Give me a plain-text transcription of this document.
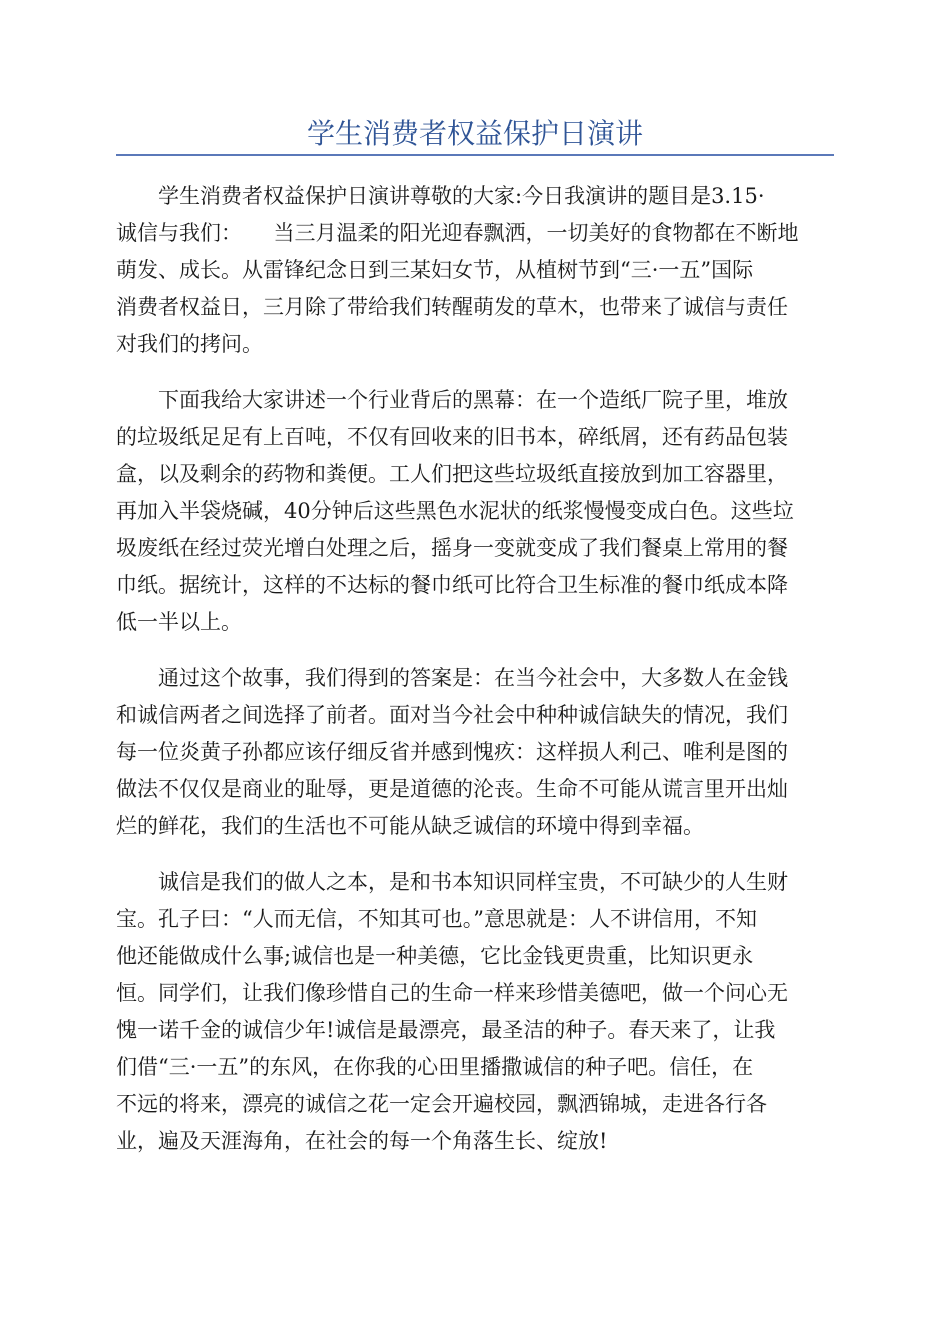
学生消费者权益保护日演讲

　　学生消费者权益保护日演讲尊敬的大家:今日我演讲的题目是3.15·
诚信与我们：　　当三月温柔的阳光迎春飘洒，一切美好的食物都在不断地
萌发、成长。从雷锋纪念日到三某妇女节，从植树节到“三·一五”国际
消费者权益日，三月除了带给我们转醒萌发的草木，也带来了诚信与责任
对我们的拷问。

　　下面我给大家讲述一个行业背后的黑幕：在一个造纸厂院子里，堆放
的垃圾纸足足有上百吨，不仅有回收来的旧书本，碎纸屑，还有药品包装
盒，以及剩余的药物和粪便。工人们把这些垃圾纸直接放到加工容器里，
再加入半袋烧碱，40分钟后这些黑色水泥状的纸浆慢慢变成白色。这些垃
圾废纸在经过荧光增白处理之后，摇身一变就变成了我们餐桌上常用的餐
巾纸。据统计，这样的不达标的餐巾纸可比符合卫生标准的餐巾纸成本降
低一半以上。

　　通过这个故事，我们得到的答案是：在当今社会中，大多数人在金钱
和诚信两者之间选择了前者。面对当今社会中种种诚信缺失的情况，我们
每一位炎黄子孙都应该仔细反省并感到愧疚：这样损人利己、唯利是图的
做法不仅仅是商业的耻辱，更是道德的沦丧。生命不可能从谎言里开出灿
烂的鲜花，我们的生活也不可能从缺乏诚信的环境中得到幸福。

　　诚信是我们的做人之本，是和书本知识同样宝贵，不可缺少的人生财
宝。孔子曰：“人而无信，不知其可也。”意思就是：人不讲信用，不知
他还能做成什么事;诚信也是一种美德，它比金钱更贵重，比知识更永
恒。同学们，让我们像珍惜自己的生命一样来珍惜美德吧，做一个问心无
愧一诺千金的诚信少年!诚信是最漂亮，最圣洁的种子。春天来了，让我
们借“三·一五”的东风，在你我的心田里播撒诚信的种子吧。信任，在
不远的将来，漂亮的诚信之花一定会开遍校园，飘洒锦城，走进各行各
业，遍及天涯海角，在社会的每一个角落生长、绽放!
